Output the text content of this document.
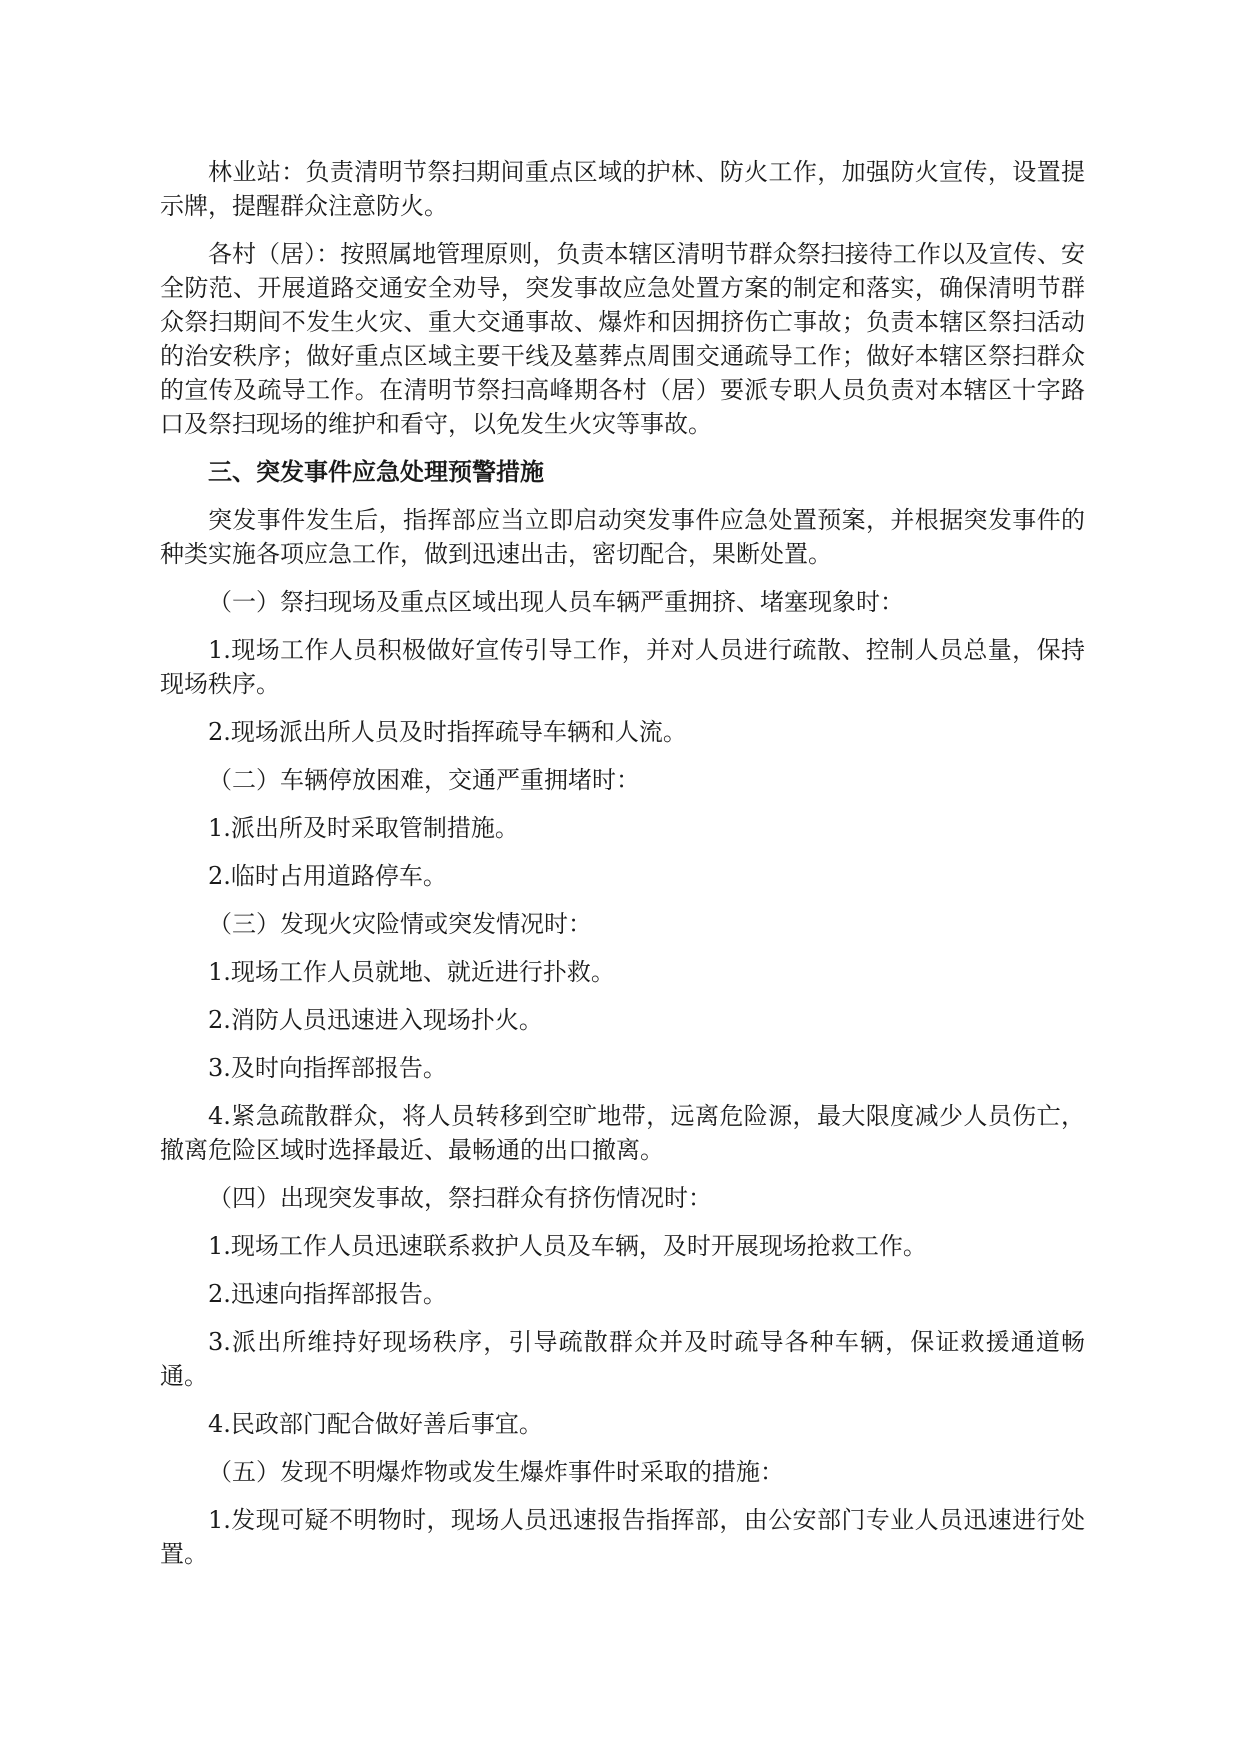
林业站：负责清明节祭扫期间重点区域的护林、防火工作，加强防火宣传，设置提示牌，提醒群众注意防火。

各村（居）：按照属地管理原则，负责本辖区清明节群众祭扫接待工作以及宣传、安全防范、开展道路交通安全劝导，突发事故应急处置方案的制定和落实，确保清明节群众祭扫期间不发生火灾、重大交通事故、爆炸和因拥挤伤亡事故；负责本辖区祭扫活动的治安秩序；做好重点区域主要干线及墓葬点周围交通疏导工作；做好本辖区祭扫群众的宣传及疏导工作。在清明节祭扫高峰期各村（居）要派专职人员负责对本辖区十字路口及祭扫现场的维护和看守，以免发生火灾等事故。

三、突发事件应急处理预警措施

突发事件发生后，指挥部应当立即启动突发事件应急处置预案，并根据突发事件的种类实施各项应急工作，做到迅速出击，密切配合，果断处置。

（一）祭扫现场及重点区域出现人员车辆严重拥挤、堵塞现象时：

1.现场工作人员积极做好宣传引导工作，并对人员进行疏散、控制人员总量，保持现场秩序。

2.现场派出所人员及时指挥疏导车辆和人流。

（二）车辆停放困难，交通严重拥堵时：

1.派出所及时采取管制措施。

2.临时占用道路停车。

（三）发现火灾险情或突发情况时：

1.现场工作人员就地、就近进行扑救。

2.消防人员迅速进入现场扑火。

3.及时向指挥部报告。

4.紧急疏散群众，将人员转移到空旷地带，远离危险源，最大限度减少人员伤亡，撤离危险区域时选择最近、最畅通的出口撤离。

（四）出现突发事故，祭扫群众有挤伤情况时：

1.现场工作人员迅速联系救护人员及车辆，及时开展现场抢救工作。

2.迅速向指挥部报告。

3.派出所维持好现场秩序，引导疏散群众并及时疏导各种车辆，保证救援通道畅通。

4.民政部门配合做好善后事宜。

（五）发现不明爆炸物或发生爆炸事件时采取的措施：

1.发现可疑不明物时，现场人员迅速报告指挥部，由公安部门专业人员迅速进行处置。
